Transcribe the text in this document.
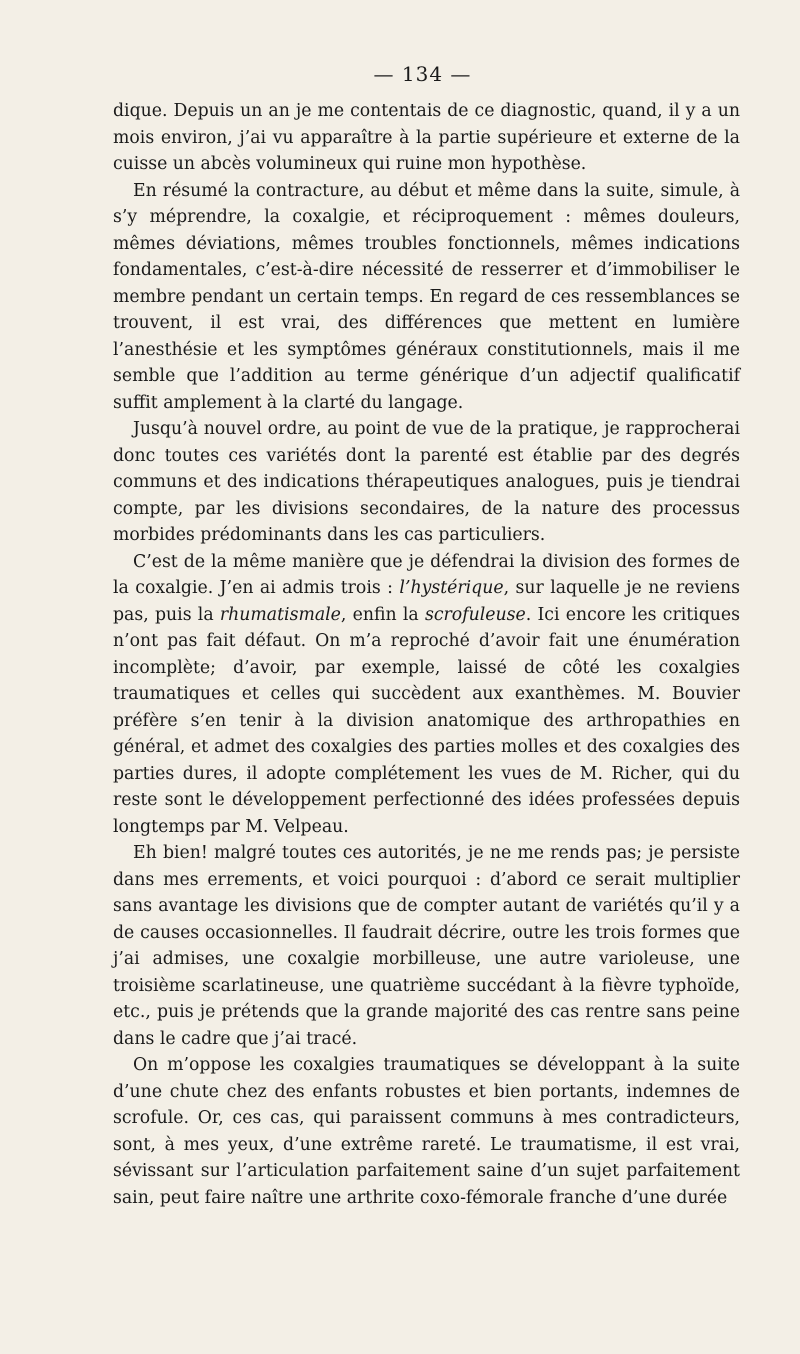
— 134 —

dique. Depuis un an je me contentais de ce diagnostic, quand, il y a un mois environ, j’ai vu apparaître à la partie supérieure et externe de la cuisse un abcès volumineux qui ruine mon hypothèse.

En résumé la contracture, au début et même dans la suite, simule, à s’y méprendre, la coxalgie, et réciproquement : mêmes douleurs, mêmes déviations, mêmes troubles fonctionnels, mêmes indications fondamentales, c’est-à-dire nécessité de resserrer et d’immobiliser le membre pendant un certain temps. En regard de ces ressemblances se trouvent, il est vrai, des différences que mettent en lumière l’anesthésie et les symptômes généraux constitutionnels, mais il me semble que l’addition au terme générique d’un adjectif qualificatif suffit amplement à la clarté du langage.

Jusqu’à nouvel ordre, au point de vue de la pratique, je rapprocherai donc toutes ces variétés dont la parenté est établie par des degrés communs et des indications thérapeutiques analogues, puis je tiendrai compte, par les divisions secondaires, de la nature des processus morbides prédominants dans les cas particuliers.

C’est de la même manière que je défendrai la division des formes de la coxalgie. J’en ai admis trois : l’hystérique, sur laquelle je ne reviens pas, puis la rhumatismale, enfin la scrofuleuse. Ici encore les critiques n’ont pas fait défaut. On m’a reproché d’avoir fait une énumération incomplète; d’avoir, par exemple, laissé de côté les coxalgies traumatiques et celles qui succèdent aux exanthèmes. M. Bouvier préfère s’en tenir à la division anatomique des arthropathies en général, et admet des coxalgies des parties molles et des coxalgies des parties dures, il adopte complétement les vues de M. Richer, qui du reste sont le développement perfectionné des idées professées depuis longtemps par M. Velpeau.

Eh bien! malgré toutes ces autorités, je ne me rends pas; je persiste dans mes errements, et voici pourquoi : d’abord ce serait multiplier sans avantage les divisions que de compter autant de variétés qu’il y a de causes occasionnelles. Il faudrait décrire, outre les trois formes que j’ai admises, une coxalgie morbilleuse, une autre varioleuse, une troisième scarlatineuse, une quatrième succédant à la fièvre typhoïde, etc., puis je prétends que la grande majorité des cas rentre sans peine dans le cadre que j’ai tracé.

On m’oppose les coxalgies traumatiques se développant à la suite d’une chute chez des enfants robustes et bien portants, indemnes de scrofule. Or, ces cas, qui paraissent communs à mes contradicteurs, sont, à mes yeux, d’une extrême rareté. Le traumatisme, il est vrai, sévissant sur l’articulation parfaitement saine d’un sujet parfaitement sain, peut faire naître une arthrite coxo-fémorale franche d’une durée
